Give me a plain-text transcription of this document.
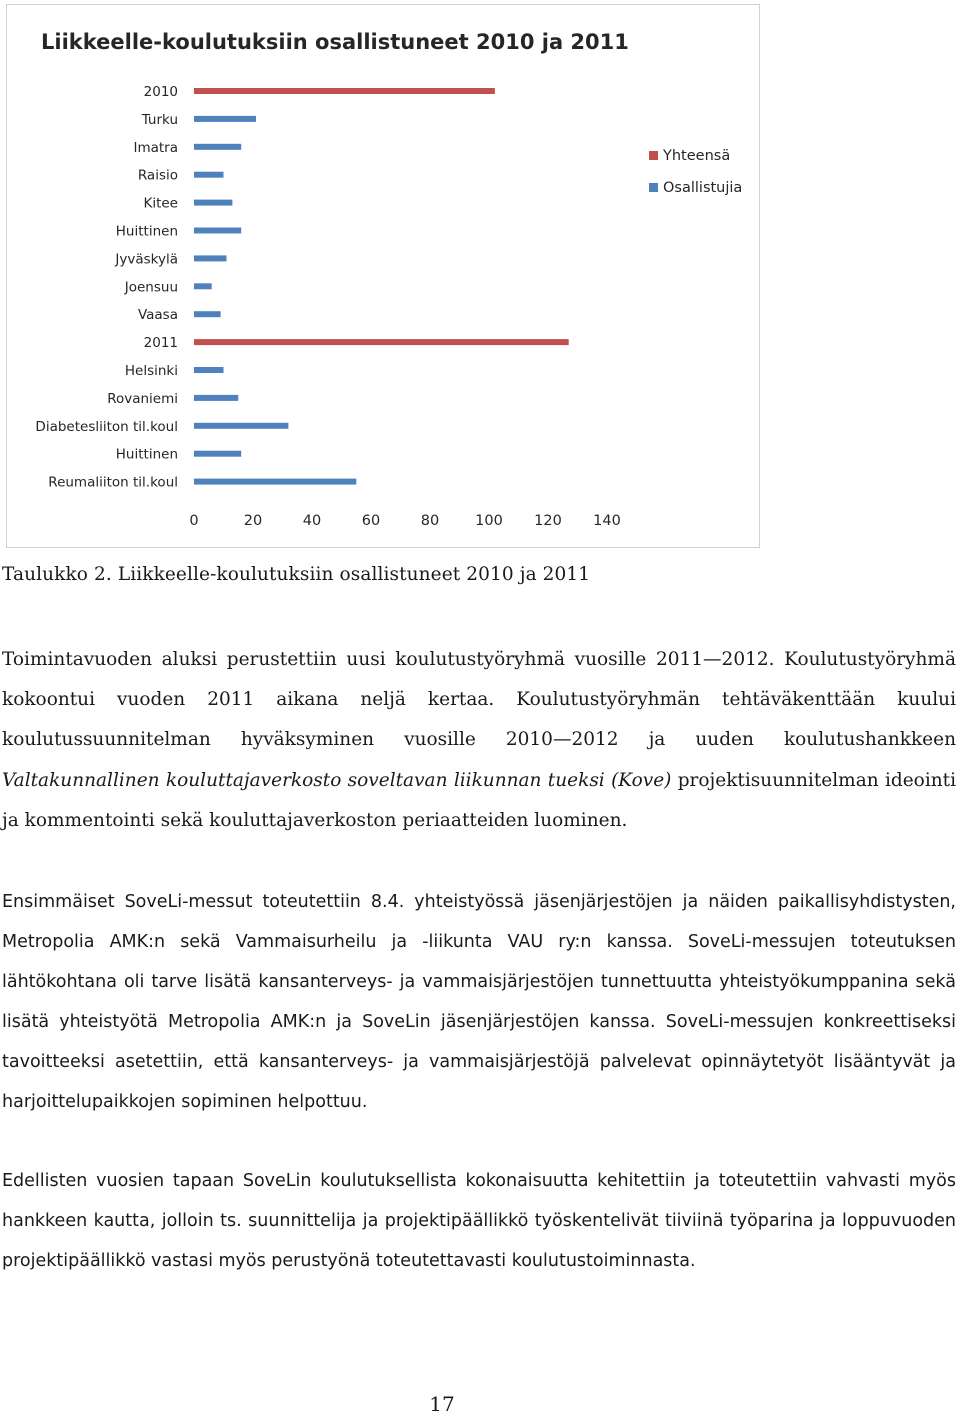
Liikkeelle-koulutuksiin osallistuneet 2010 ja 2011
2010
Turku
Imatra
Raisio
Kitee
Huittinen
Jyväskylä
Joensuu
Vaasa
2011
Helsinki
Rovaniemi
Diabetesliiton til.koul
Huittinen
Reumaliiton til.koul
0	20	40	60	80 100 120 140
Yhteensä
Osallistujia
Taulukko 2. Liikkeelle-koulutuksiin osallistuneet 2010 ja 2011
Toimintavuoden aluksi perustettiin uusi koulutustyöryhmä vuosille 2011—2012. Koulutustyöryhmä kokoontui vuoden 2011 aikana neljä kertaa. Koulutustyöryhmän tehtäväkenttään kuului koulutussuunnitelman hyväksyminen vuosille 2010—2012 ja uuden koulutushankkeen Valtakunnallinen kouluttajaverkosto soveltavan liikunnan tueksi (Kove) projektisuunnitelman ideointi ja kommentointi sekä kouluttajaverkoston periaatteiden luominen.
Ensimmäiset SoveLi-messut toteutettiin 8.4. yhteistyössä jäsenjärjestöjen ja näiden paikallisyhdistysten, Metropolia AMK:n sekä Vammaisurheilu ja -liikunta VAU ry:n kanssa. SoveLi-messujen toteutuksen lähtökohtana oli tarve lisätä kansanterveys- ja vammaisjärjestöjen tunnettuutta yhteistyökumppanina sekä lisätä yhteistyötä Metropolia AMK:n ja SoveLin jäsenjärjestöjen kanssa. SoveLi-messujen konkreettiseksi tavoitteeksi asetettiin, että kansanterveys- ja vammaisjärjestöjä palvelevat opinnäytetyöt lisääntyvät ja harjoittelupaikkojen sopiminen helpottuu.
Edellisten vuosien tapaan SoveLin koulutuksellista kokonaisuutta kehitettiin ja toteutettiin vahvasti myös hankkeen kautta, jolloin ts. suunnittelija ja projektipäällikkö työskentelivät tiiviinä työparina ja loppuvuoden projektipäällikkö vastasi myös perustyönä toteutettavasti koulutustoiminnasta.
17
